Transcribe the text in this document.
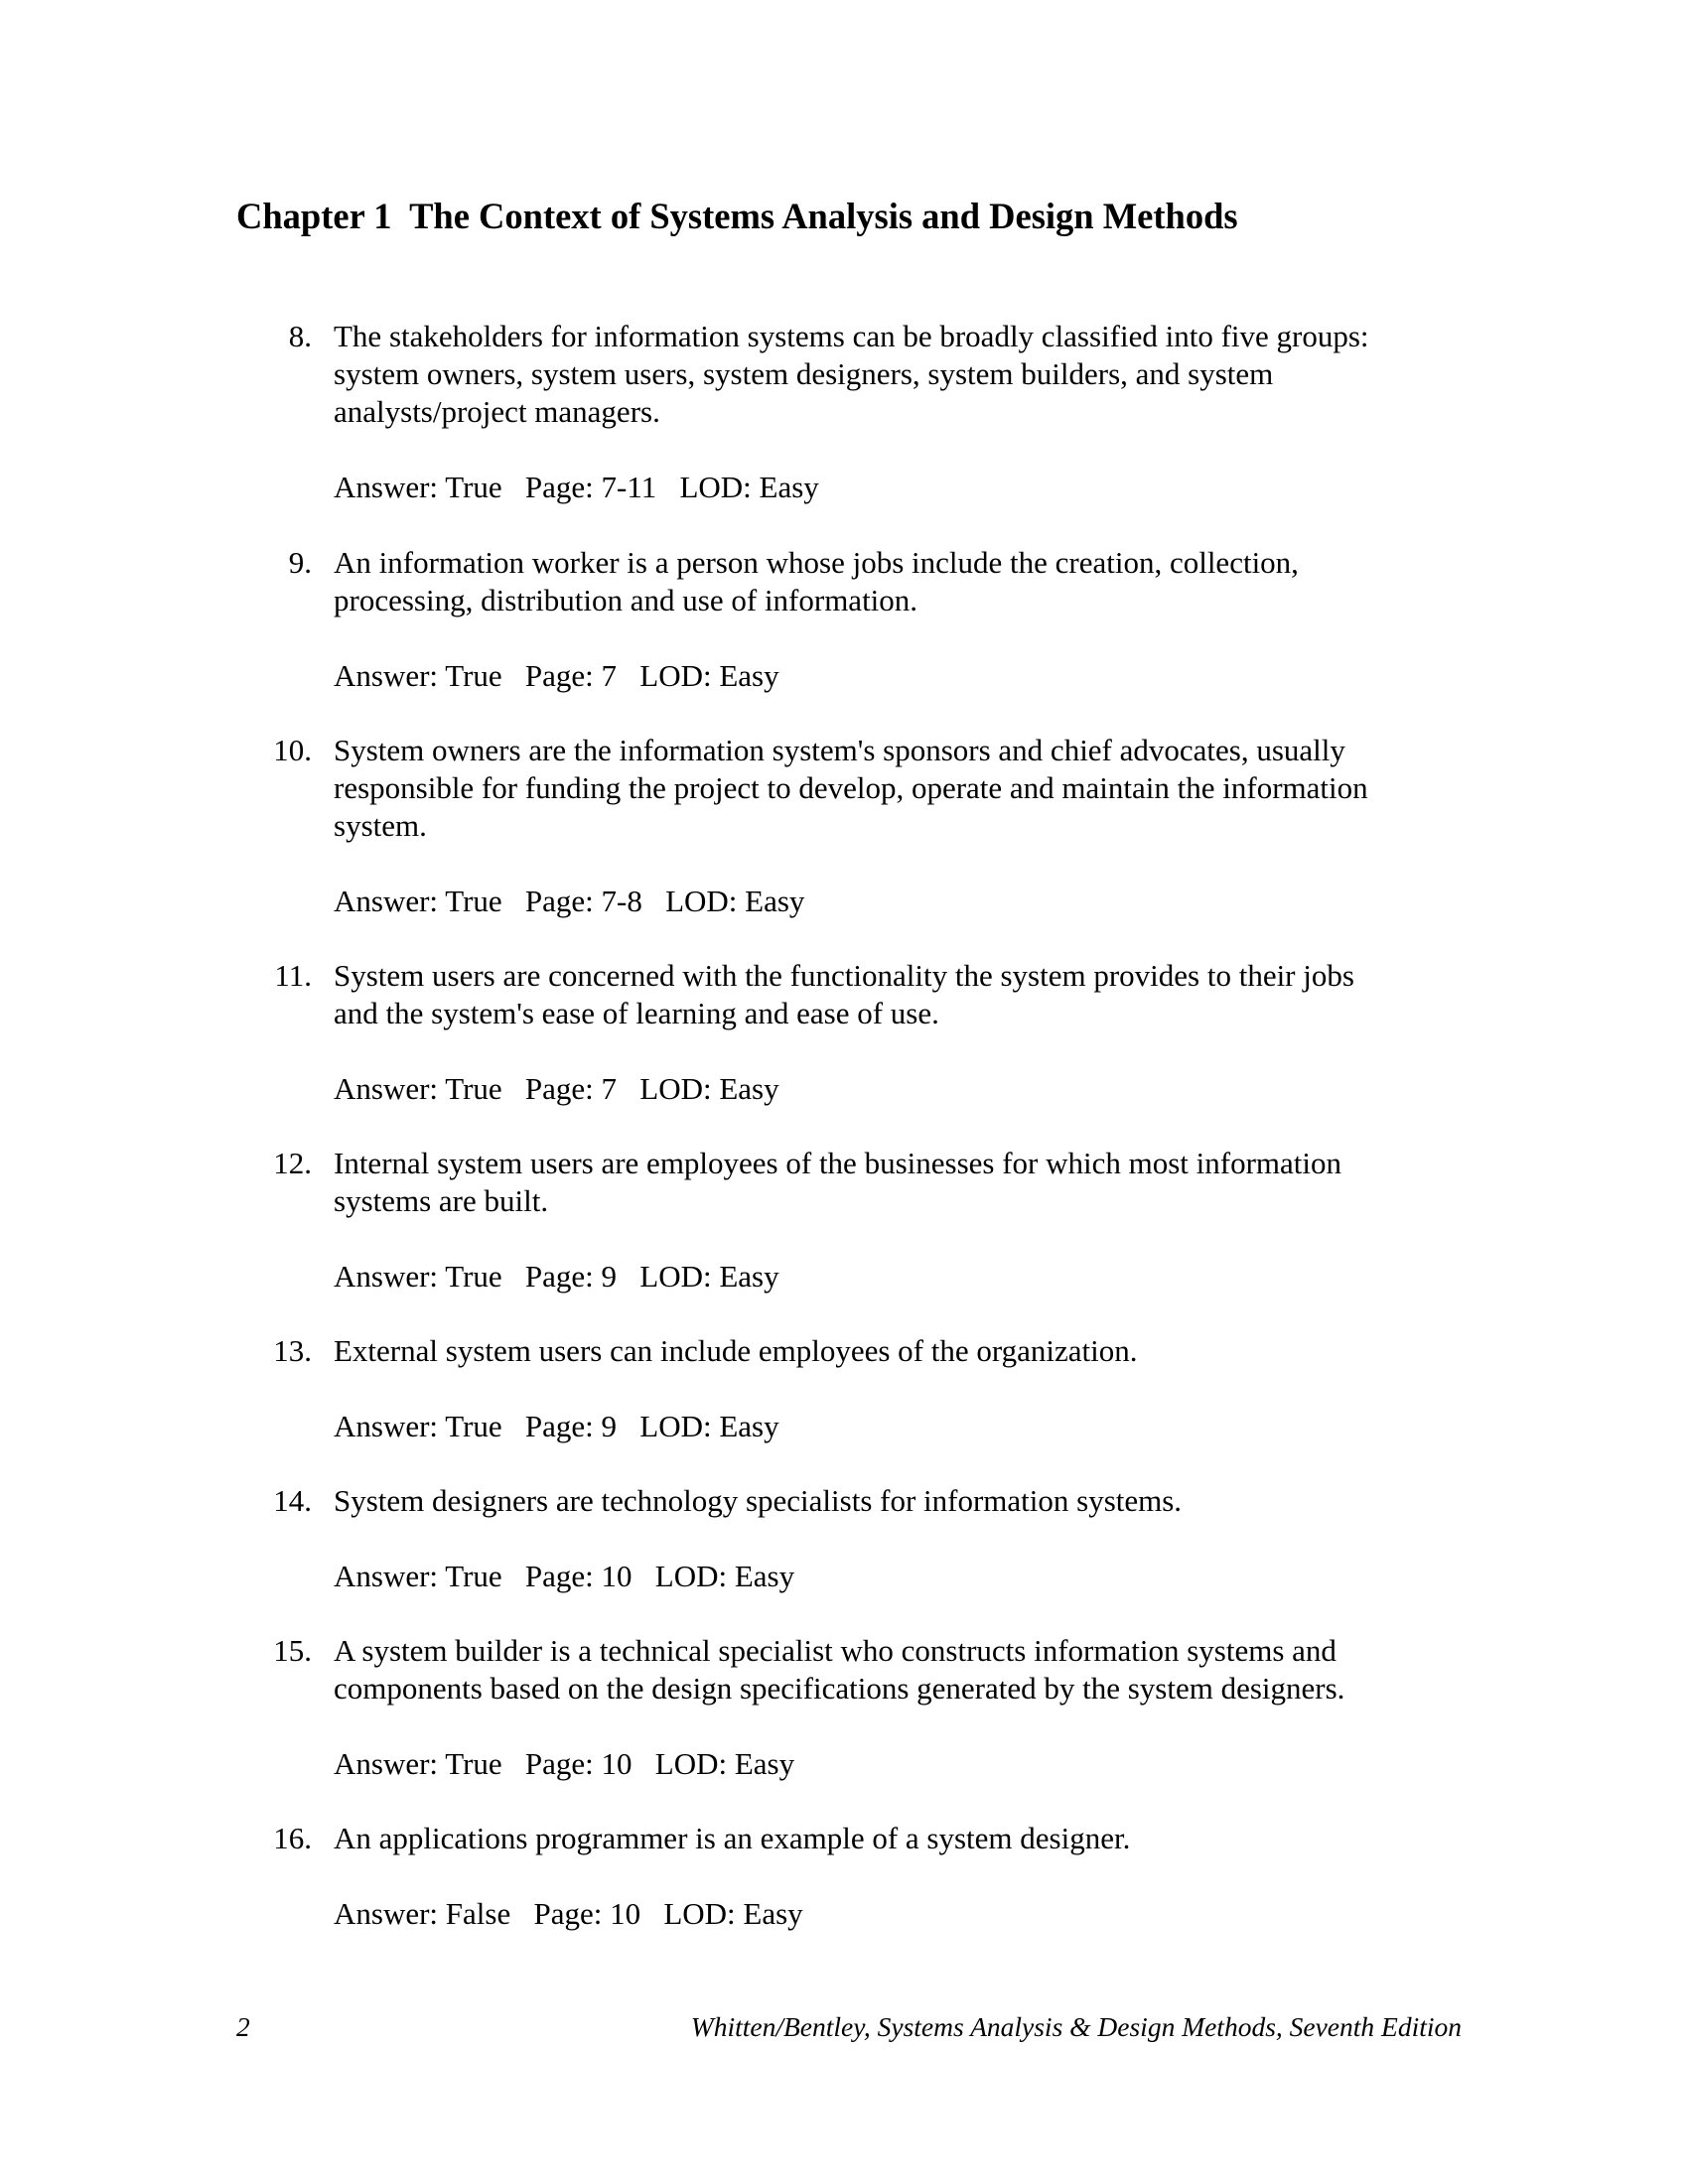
Chapter 1  The Context of Systems Analysis and Design Methods
8. The stakeholders for information systems can be broadly classified into five groups:
system owners, system users, system designers, system builders, and system
analysts/project managers.
Answer: True   Page: 7-11   LOD: Easy
9. An information worker is a person whose jobs include the creation, collection,
processing, distribution and use of information.
Answer: True   Page: 7   LOD: Easy
10. System owners are the information system's sponsors and chief advocates, usually
responsible for funding the project to develop, operate and maintain the information
system.
Answer: True   Page: 7-8   LOD: Easy
11. System users are concerned with the functionality the system provides to their jobs
and the system's ease of learning and ease of use.
Answer: True   Page: 7   LOD: Easy
12. Internal system users are employees of the businesses for which most information
systems are built.
Answer: True   Page: 9   LOD: Easy
13. External system users can include employees of the organization.
Answer: True   Page: 9   LOD: Easy
14. System designers are technology specialists for information systems.
Answer: True   Page: 10   LOD: Easy
15. A system builder is a technical specialist who constructs information systems and
components based on the design specifications generated by the system designers.
Answer: True   Page: 10   LOD: Easy
16. An applications programmer is an example of a system designer.
Answer: False   Page: 10   LOD: Easy
2	Whitten/Bentley, Systems Analysis & Design Methods, Seventh Edition
